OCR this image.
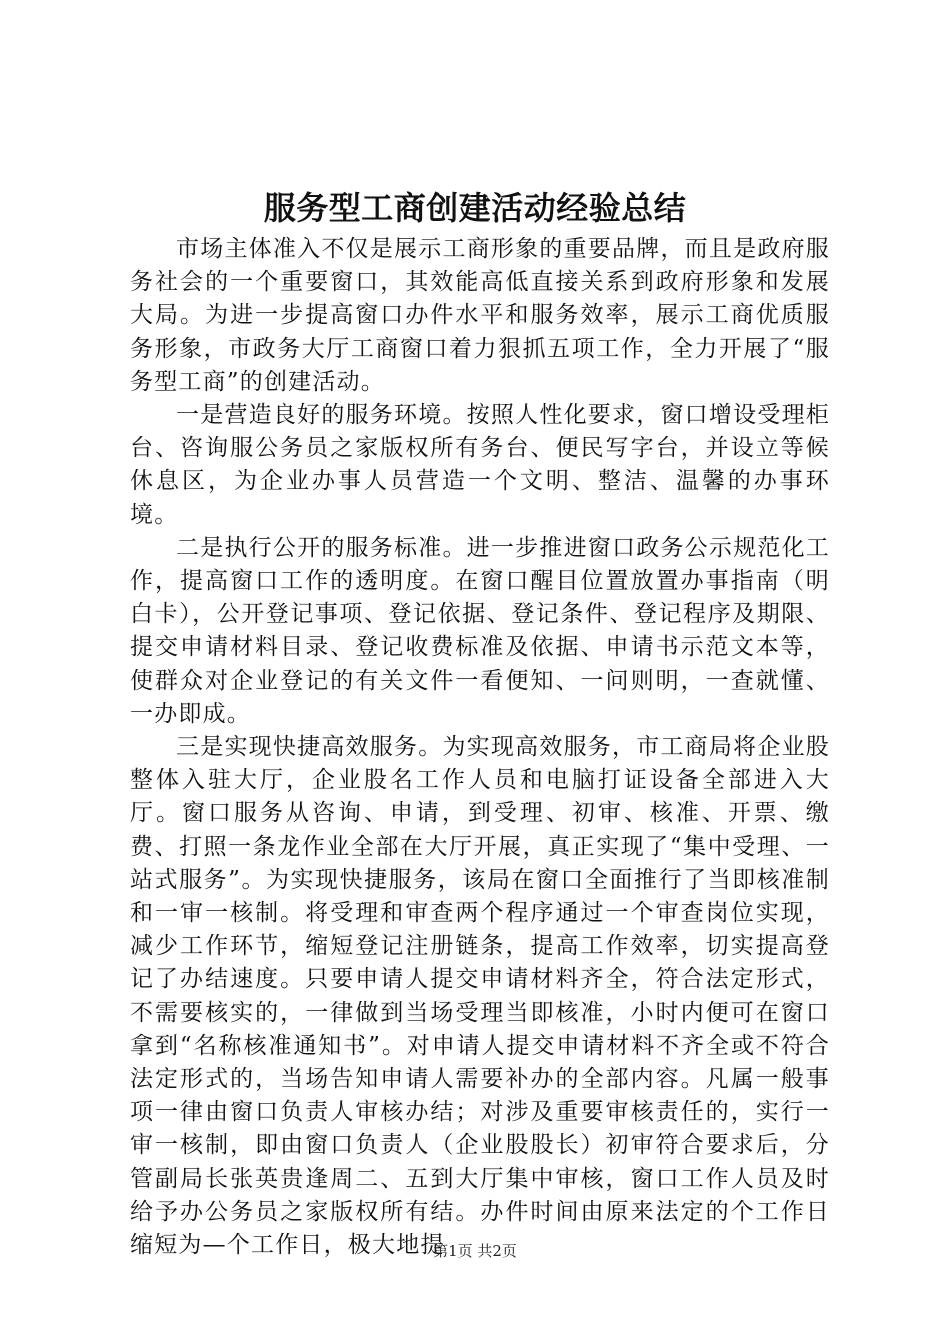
服务型工商创建活动经验总结

市场主体准入不仅是展示工商形象的重要品牌，而且是政府服务社会的一个重要窗口，其效能高低直接关系到政府形象和发展大局。为进一步提高窗口办件水平和服务效率，展示工商优质服务形象，市政务大厅工商窗口着力狠抓五项工作，全力开展了“服务型工商”的创建活动。

一是营造良好的服务环境。按照人性化要求，窗口增设受理柜台、咨询服公务员之家版权所有务台、便民写字台，并设立等候休息区，为企业办事人员营造一个文明、整洁、温馨的办事环境。

二是执行公开的服务标准。进一步推进窗口政务公示规范化工作，提高窗口工作的透明度。在窗口醒目位置放置办事指南（明白卡），公开登记事项、登记依据、登记条件、登记程序及期限、提交申请材料目录、登记收费标准及依据、申请书示范文本等，使群众对企业登记的有关文件一看便知、一问则明，一查就懂、一办即成。

三是实现快捷高效服务。为实现高效服务，市工商局将企业股整体入驻大厅，企业股名工作人员和电脑打证设备全部进入大厅。窗口服务从咨询、申请，到受理、初审、核准、开票、缴费、打照一条龙作业全部在大厅开展，真正实现了“集中受理、一站式服务”。为实现快捷服务，该局在窗口全面推行了当即核准制和一审一核制。将受理和审查两个程序通过一个审查岗位实现，减少工作环节，缩短登记注册链条，提高工作效率，切实提高登记了办结速度。只要申请人提交申请材料齐全，符合法定形式，不需要核实的，一律做到当场受理当即核准，小时内便可在窗口拿到“名称核准通知书”。对申请人提交申请材料不齐全或不符合法定形式的，当场告知申请人需要补办的全部内容。凡属一般事项一律由窗口负责人审核办结；对涉及重要审核责任的，实行一审一核制，即由窗口负责人（企业股股长）初审符合要求后，分管副局长张英贵逢周二、五到大厅集中审核，窗口工作人员及时给予办公务员之家版权所有结。办件时间由原来法定的个工作日缩短为—个工作日，极大地提

第1页 共2页
